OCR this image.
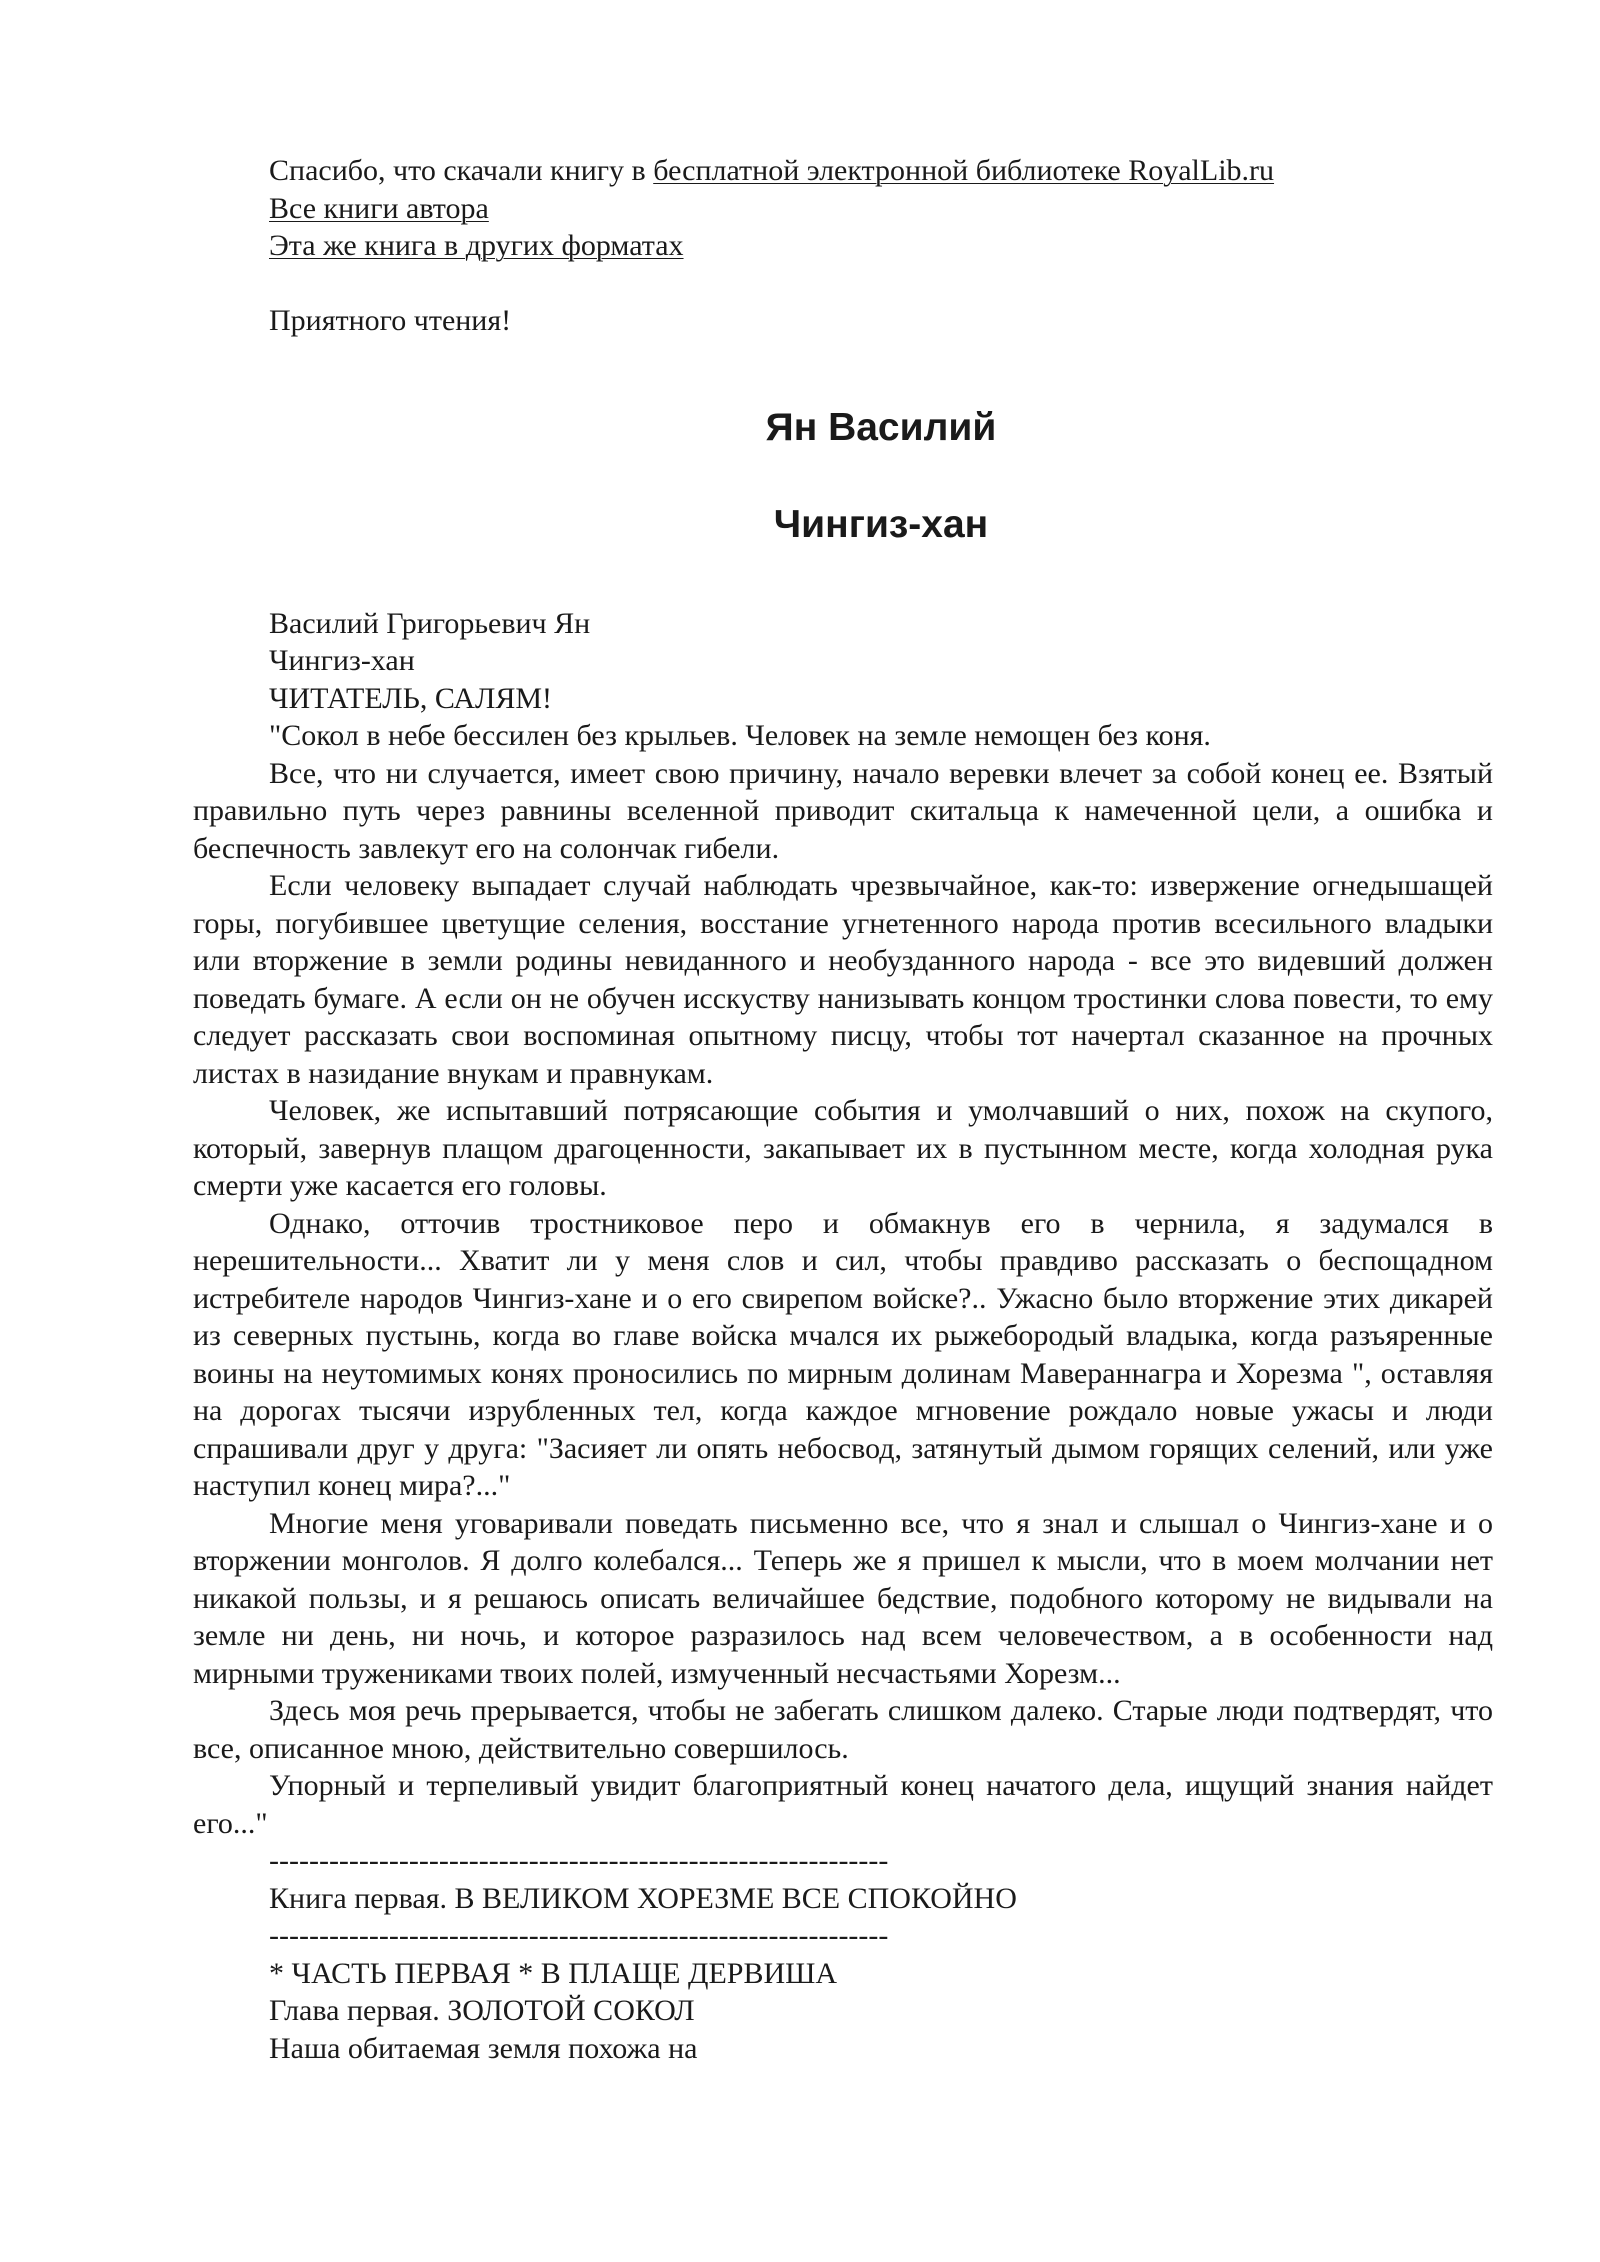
Спасибо, что скачали книгу в бесплатной электронной библиотеке RoyalLib.ru
Все книги автора
Эта же книга в других форматах
Приятного чтения!
Ян Василий
Чингиз-хан
Василий Григорьевич Ян
Чингиз-хан
ЧИТАТЕЛЬ, САЛЯМ!

"Сокол в небе бессилен без крыльев. Человек на земле немощен без коня.

Все, что ни случается, имеет свою причину, начало веревки влечет за собой конец ее. Взятый правильно путь через равнины вселенной приводит скитальца к намеченной цели, а ошибка и беспечность завлекут его на солончак гибели.

Если человеку выпадает случай наблюдать чрезвычайное, как-то: извержение огнедышащей горы, погубившее цветущие селения, восстание угнетенного народа против всесильного владыки или вторжение в земли родины невиданного и необузданного народа - все это видевший должен поведать бумаге. А если он не обучен исскуству нанизывать концом тростинки слова повести, то ему следует рассказать свои воспоминая опытному писцу, чтобы тот начертал сказанное на прочных листах в назидание внукам и правнукам.

Человек, же испытавший потрясающие события и умолчавший о них, похож на скупого, который, завернув плащом драгоценности, закапывает их в пустынном месте, когда холодная рука смерти уже касается его головы.

Однако, отточив тростниковое перо и обмакнув его в чернила, я задумался в нерешительности... Хватит ли у меня слов и сил, чтобы правдиво рассказать о беспощадном истребителе народов Чингиз-хане и о его свирепом войске?.. Ужасно было вторжение этих дикарей из северных пустынь, когда во главе войска мчался их рыжебородый владыка, когда разъяренные воины на неутомимых конях проносились по мирным долинам Мавераннагра и Хорезма ", оставляя на дорогах тысячи изрубленных тел, когда каждое мгновение рождало новые ужасы и люди спрашивали друг у друга: "Засияет ли опять небосвод, затянутый дымом горящих селений, или уже наступил конец мира?..."

Многие меня уговаривали поведать письменно все, что я знал и слышал о Чингиз-хане и о вторжении монголов. Я долго колебался... Теперь же я пришел к мысли, что в моем молчании нет никакой пользы, и я решаюсь описать величайшее бедствие, подобного которому не видывали на земле ни день, ни ночь, и которое разразилось над всем человечеством, а в особенности над мирными тружениками твоих полей, измученный несчастьями Хорезм...

Здесь моя речь прерывается, чтобы не забегать слишком далеко. Старые люди подтвердят, что все, описанное мною, действительно совершилось.

Упорный и терпеливый увидит благоприятный конец начатого дела, ищущий знания найдет его..."

--------------------------------------------------------------
Книга первая. В ВЕЛИКОМ ХОРЕЗМЕ ВСЕ СПОКОЙНО
--------------------------------------------------------------
* ЧАСТЬ ПЕРВАЯ * В ПЛАЩЕ ДЕРВИША
Глава первая. ЗОЛОТОЙ СОКОЛ
Наша обитаемая земля похожа на
